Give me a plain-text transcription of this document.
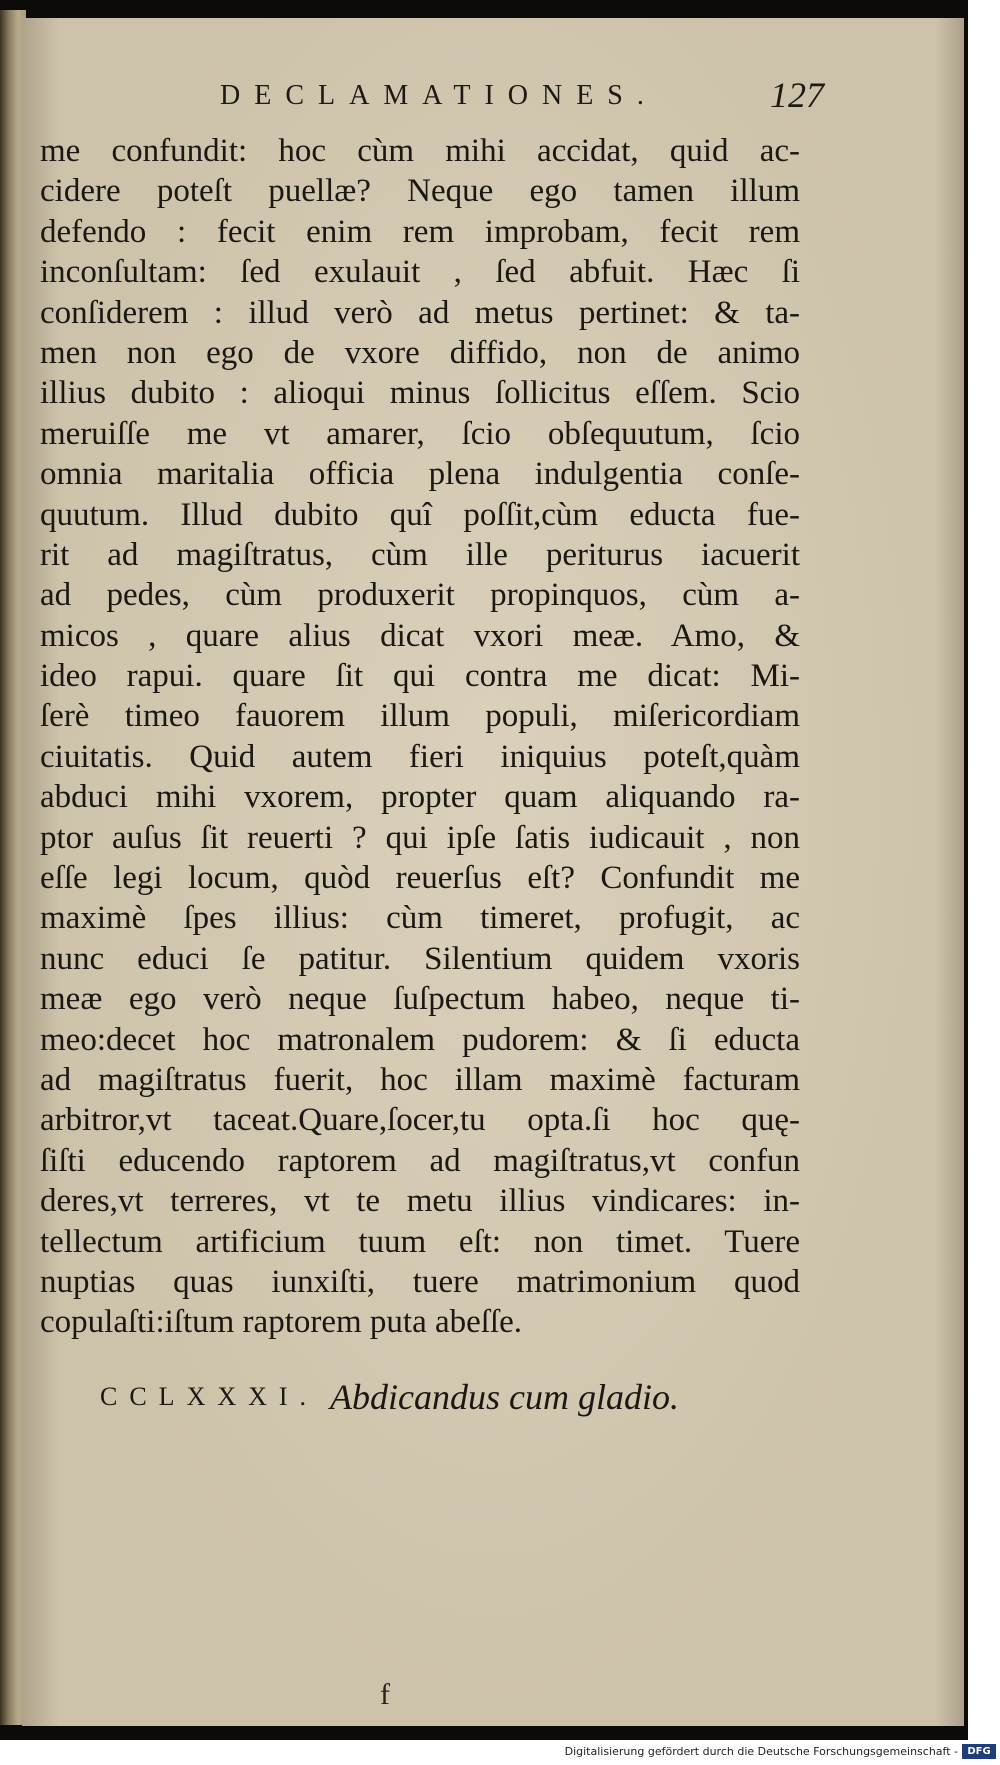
DECLAMATIONES.	127
me confundit: hoc cùm mihi accidat, quid ac-
cidere poteſt puellæ? Neque ego tamen illum
defendo : fecit enim rem improbam, fecit rem
inconſultam: ſed exulauit , ſed abfuit. Hæc ſi
conſiderem : illud verò ad metus pertinet: & ta-
men non ego de vxore diffido, non de animo
illius dubito : alioqui minus ſollicitus eſſem. Scio
meruiſſe me vt amarer, ſcio obſequutum, ſcio
omnia maritalia officia plena indulgentia conſe-
quutum. Illud dubito quî poſſit,cùm educta fue-
rit ad magiſtratus, cùm ille periturus iacuerit
ad pedes, cùm produxerit propinquos, cùm a-
micos , quare alius dicat vxori meæ. Amo, &
ideo rapui. quare ſit qui contra me dicat: Mi-
ſerè timeo fauorem illum populi, miſericordiam
ciuitatis. Quid autem fieri iniquius poteſt,quàm
abduci mihi vxorem, propter quam aliquando ra-
ptor auſus ſit reuerti ? qui ipſe ſatis iudicauit , non
eſſe legi locum, quòd reuerſus eſt? Confundit me
maximè ſpes illius: cùm timeret, profugit, ac
nunc educi ſe patitur. Silentium quidem vxoris
meæ ego verò neque ſuſpectum habeo, neque ti-
meo:decet hoc matronalem pudorem: & ſi educta
ad magiſtratus fuerit, hoc illam maximè facturam
arbitror,vt taceat.Quare,ſocer,tu opta.ſi hoc quę-
ſiſti educendo raptorem ad magiſtratus,vt confun
deres,vt terreres, vt te metu illius vindicares: in-
tellectum artificium tuum eſt: non timet. Tuere
nuptias quas iunxiſti, tuere matrimonium quod
copulaſti:iſtum raptorem puta abeſſe.
CCLXXXI. Abdicandus cum gladio.
f
Digitalisierung gefördert durch die Deutsche Forschungsgemeinschaft - DFG
